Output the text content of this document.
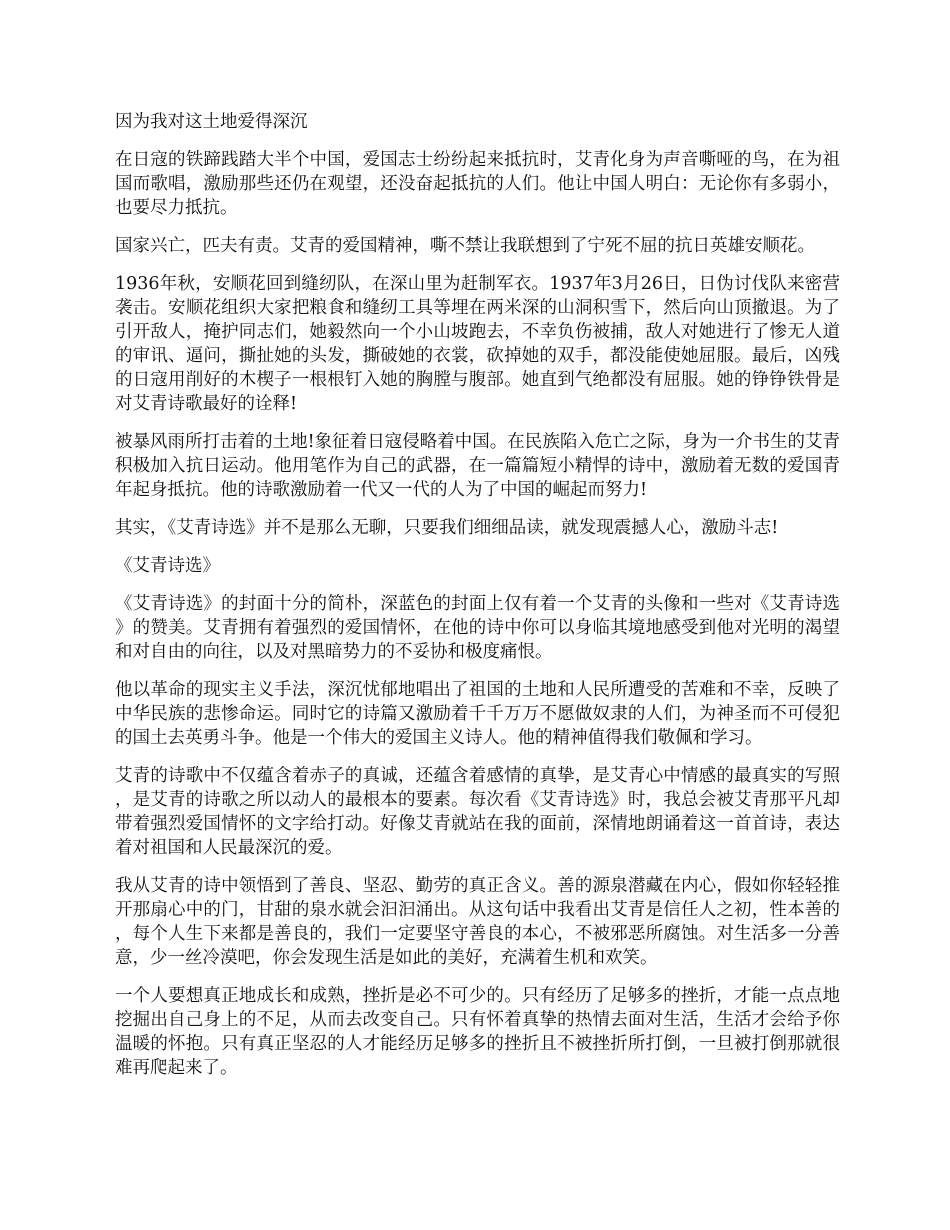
因为我对这土地爱得深沉

在日寇的铁蹄践踏大半个中国，爱国志士纷纷起来抵抗时，艾青化身为声音嘶哑的鸟，在为祖国而歌唱，激励那些还仍在观望，还没奋起抵抗的人们。他让中国人明白：无论你有多弱小，也要尽力抵抗。

国家兴亡，匹夫有责。艾青的爱国精神，嘶不禁让我联想到了宁死不屈的抗日英雄安顺花。

1936年秋，安顺花回到缝纫队，在深山里为赶制军衣。1937年3月26日，日伪讨伐队来密营袭击。安顺花组织大家把粮食和缝纫工具等埋在两米深的山洞积雪下，然后向山顶撤退。为了引开敌人，掩护同志们，她毅然向一个小山坡跑去，不幸负伤被捕，敌人对她进行了惨无人道的审讯、逼问，撕扯她的头发，撕破她的衣裳，砍掉她的双手，都没能使她屈服。最后，凶残的日寇用削好的木楔子一根根钉入她的胸膛与腹部。她直到气绝都没有屈服。她的铮铮铁骨是对艾青诗歌最好的诠释!

被暴风雨所打击着的土地!象征着日寇侵略着中国。在民族陷入危亡之际，身为一介书生的艾青积极加入抗日运动。他用笔作为自己的武器，在一篇篇短小精悍的诗中，激励着无数的爱国青年起身抵抗。他的诗歌激励着一代又一代的人为了中国的崛起而努力!

其实，《艾青诗选》并不是那么无聊，只要我们细细品读，就发现震撼人心，激励斗志!

《艾青诗选》

《艾青诗选》的封面十分的简朴，深蓝色的封面上仅有着一个艾青的头像和一些对《艾青诗选》的赞美。艾青拥有着强烈的爱国情怀，在他的诗中你可以身临其境地感受到他对光明的渴望和对自由的向往，以及对黑暗势力的不妥协和极度痛恨。

他以革命的现实主义手法，深沉忧郁地唱出了祖国的土地和人民所遭受的苦难和不幸，反映了中华民族的悲惨命运。同时它的诗篇又激励着千千万万不愿做奴隶的人们，为神圣而不可侵犯的国土去英勇斗争。他是一个伟大的爱国主义诗人。他的精神值得我们敬佩和学习。

艾青的诗歌中不仅蕴含着赤子的真诚，还蕴含着感情的真挚，是艾青心中情感的最真实的写照，是艾青的诗歌之所以动人的最根本的要素。每次看《艾青诗选》时，我总会被艾青那平凡却带着强烈爱国情怀的文字给打动。好像艾青就站在我的面前，深情地朗诵着这一首首诗，表达着对祖国和人民最深沉的爱。

我从艾青的诗中领悟到了善良、坚忍、勤劳的真正含义。善的源泉潜藏在内心，假如你轻轻推开那扇心中的门，甘甜的泉水就会汩汩涌出。从这句话中我看出艾青是信任人之初，性本善的，每个人生下来都是善良的，我们一定要坚守善良的本心，不被邪恶所腐蚀。对生活多一分善意，少一丝冷漠吧，你会发现生活是如此的美好，充满着生机和欢笑。

一个人要想真正地成长和成熟，挫折是必不可少的。只有经历了足够多的挫折，才能一点点地挖掘出自己身上的不足，从而去改变自己。只有怀着真挚的热情去面对生活，生活才会给予你温暖的怀抱。只有真正坚忍的人才能经历足够多的挫折且不被挫折所打倒，一旦被打倒那就很难再爬起来了。
